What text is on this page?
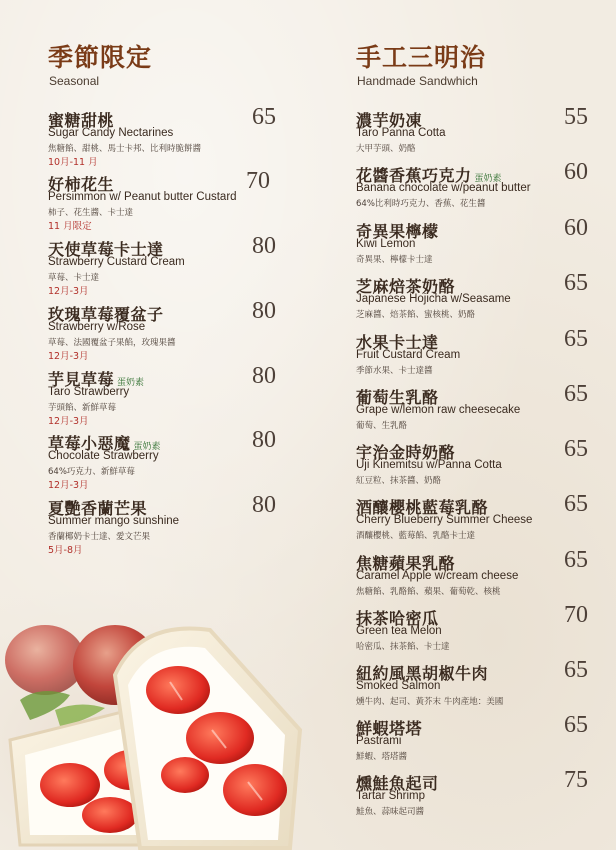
季節限定
Seasonal
蜜糖甜桃
Sugar Candy Nectarines
焦糖餡、甜桃、馬士卡邦、比利時脆餅醬
10月-11 月
65
好柿花生
Persimmon w/ Peanut butter Custard
柿子、花生醬、卡士達
11 月限定
70
天使草莓卡士達
Strawberry Custard Cream
草莓、卡士達
12月-3月
80
玫瑰草莓覆盆子
Strawberry w/Rose
草莓、法國覆盆子果餡，玫瑰果醬
12月-3月
80
芋見草莓 蛋奶素
Taro Strawberry
芋頭餡、新鮮草莓
12月-3月
80
草莓小惡魔 蛋奶素
Chocolate Strawberry
64%巧克力、新鮮草莓
12月-3月
80
夏艷香蘭芒果
Summer mango sunshine
香蘭椰奶卡士達、愛文芒果
5月-8月
80
手工三明治
Handmade Sandwhich
濃芋奶凍
Taro Panna Cotta
大甲芋頭、奶酪
55
花醬香蕉巧克力 蛋奶素
Banana chocolate w/peanut butter
64%比利時巧克力、香蕉、花生醬
60
奇異果檸檬
Kiwi Lemon
奇異果、檸檬卡士達
60
芝麻焙茶奶酪
Japanese Hojicha w/Seasame
芝麻醬、焙茶餡、蜜核桃、奶酪
65
水果卡士達
Fruit Custard Cream
季節水果、卡士達醬
65
葡萄生乳酪
Grape w/lemon raw cheesecake
葡萄、生乳酪
65
宇治金時奶酪
Uji Kinemitsu w/Panna Cotta
紅豆粒、抹茶醬、奶酪
65
酒釀櫻桃藍莓乳酪
Cherry Blueberry Summer Cheese
酒釀櫻桃、藍莓餡、乳酪卡士達
65
焦糖蘋果乳酪
Caramel Apple w/cream cheese
焦糖餡、乳酪餡、蘋果、葡萄乾、核桃
65
抹茶哈密瓜
Green tea Melon
哈密瓜、抹茶餡、卡士達
70
紐約風黑胡椒牛肉
Smoked Salmon
燻牛肉、起司、黃芥末 牛肉產地：美國
65
鮮蝦塔塔
Pastrami
鮮蝦、塔塔醬
65
燻鮭魚起司
Tartar Shrimp
鮭魚、蒜味起司醬
75
